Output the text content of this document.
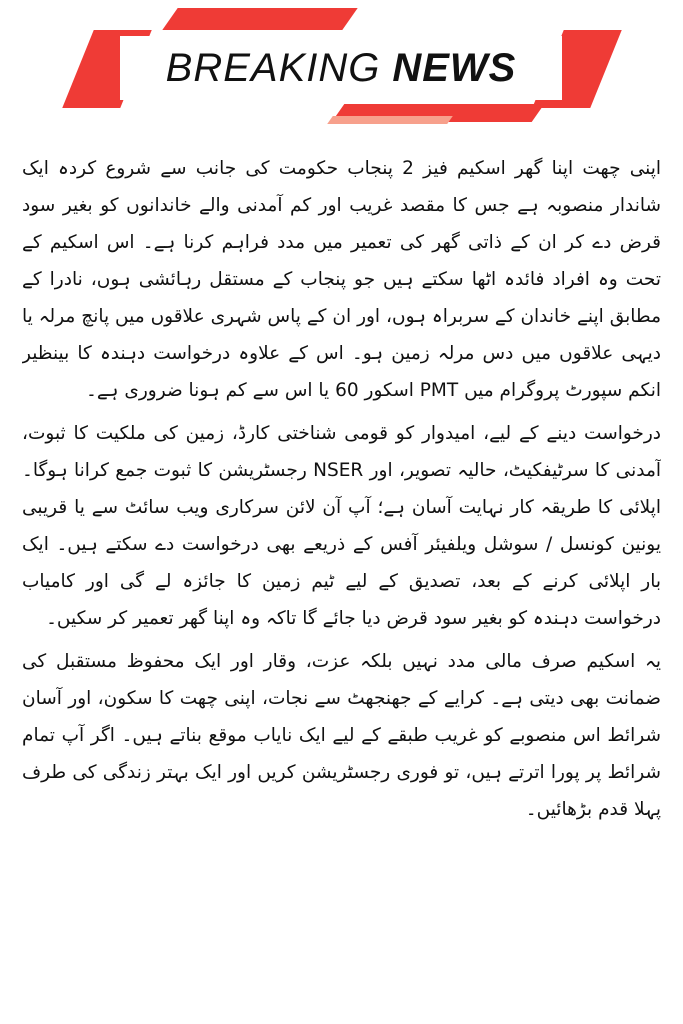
BREAKING NEWS

اپنی چھت اپنا گھر اسکیم فیز 2 پنجاب حکومت کی جانب سے شروع کردہ ایک شاندار منصوبہ ہے جس کا مقصد غریب اور کم آمدنی والے خاندانوں کو بغیر سود قرض دے کر ان کے ذاتی گھر کی تعمیر میں مدد فراہم کرنا ہے۔ اس اسکیم کے تحت وہ افراد فائدہ اٹھا سکتے ہیں جو پنجاب کے مستقل رہائشی ہوں، نادرا کے مطابق اپنے خاندان کے سربراہ ہوں، اور ان کے پاس شہری علاقوں میں پانچ مرلہ یا دیہی علاقوں میں دس مرلہ زمین ہو۔ اس کے علاوہ درخواست دہندہ کا بینظیر انکم سپورٹ پروگرام میں PMT اسکور 60 یا اس سے کم ہونا ضروری ہے۔

درخواست دینے کے لیے، امیدوار کو قومی شناختی کارڈ، زمین کی ملکیت کا ثبوت، آمدنی کا سرٹیفکیٹ، حالیہ تصویر، اور NSER رجسٹریشن کا ثبوت جمع کرانا ہوگا۔ اپلائی کا طریقہ کار نہایت آسان ہے؛ آپ آن لائن سرکاری ویب سائٹ سے یا قریبی یونین کونسل / سوشل ویلفیئر آفس کے ذریعے بھی درخواست دے سکتے ہیں۔ ایک بار اپلائی کرنے کے بعد، تصدیق کے لیے ٹیم زمین کا جائزہ لے گی اور کامیاب درخواست دہندہ کو بغیر سود قرض دیا جائے گا تاکہ وہ اپنا گھر تعمیر کر سکیں۔

یہ اسکیم صرف مالی مدد نہیں بلکہ عزت، وقار اور ایک محفوظ مستقبل کی ضمانت بھی دیتی ہے۔ کرایے کے جھنجھٹ سے نجات، اپنی چھت کا سکون، اور آسان شرائط اس منصوبے کو غریب طبقے کے لیے ایک نایاب موقع بناتے ہیں۔ اگر آپ تمام شرائط پر پورا اترتے ہیں، تو فوری رجسٹریشن کریں اور ایک بہتر زندگی کی طرف پہلا قدم بڑھائیں۔
